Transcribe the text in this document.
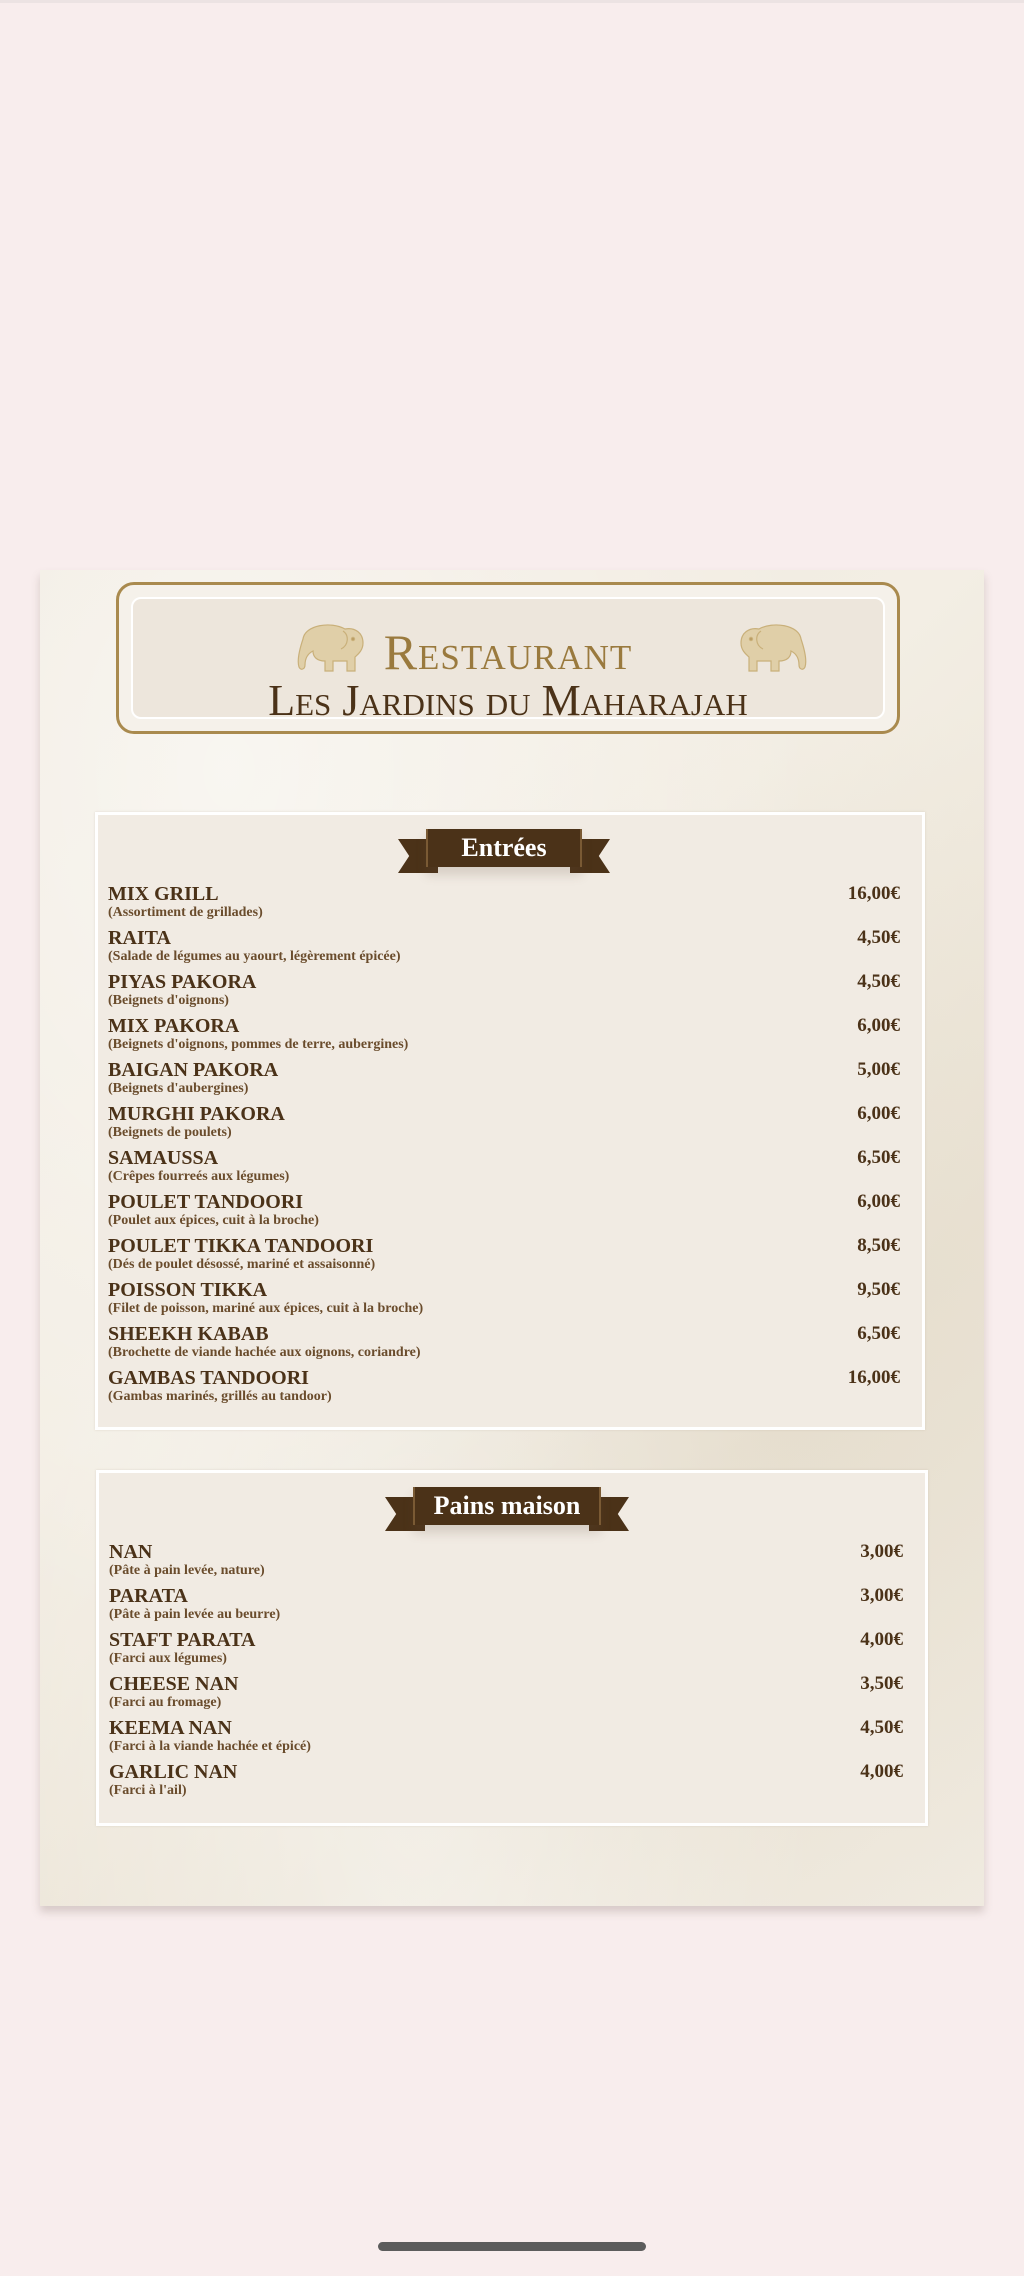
Restaurant
Les Jardins du Maharajah
Entrées
MIX GRILL
(Assortiment de grillades)
16,00€
RAITA
(Salade de légumes au yaourt, légèrement épicée)
4,50€
PIYAS PAKORA
(Beignets d'oignons)
4,50€
MIX PAKORA
(Beignets d'oignons, pommes de terre, aubergines)
6,00€
BAIGAN PAKORA
(Beignets d'aubergines)
5,00€
MURGHI PAKORA
(Beignets de poulets)
6,00€
SAMAUSSA
(Crêpes fourreés aux légumes)
6,50€
POULET TANDOORI
(Poulet aux épices, cuit à la broche)
6,00€
POULET TIKKA TANDOORI
(Dés de poulet désossé, mariné et assaisonné)
8,50€
POISSON TIKKA
(Filet de poisson, mariné aux épices, cuit à la broche)
9,50€
SHEEKH KABAB
(Brochette de viande hachée aux oignons, coriandre)
6,50€
GAMBAS TANDOORI
(Gambas marinés, grillés au tandoor)
16,00€
Pains maison
NAN
(Pâte à pain levée, nature)
3,00€
PARATA
(Pâte à pain levée au beurre)
3,00€
STAFT PARATA
(Farci aux légumes)
4,00€
CHEESE NAN
(Farci au fromage)
3,50€
KEEMA NAN
(Farci à la viande hachée et épicé)
4,50€
GARLIC NAN
(Farci à l'ail)
4,00€
